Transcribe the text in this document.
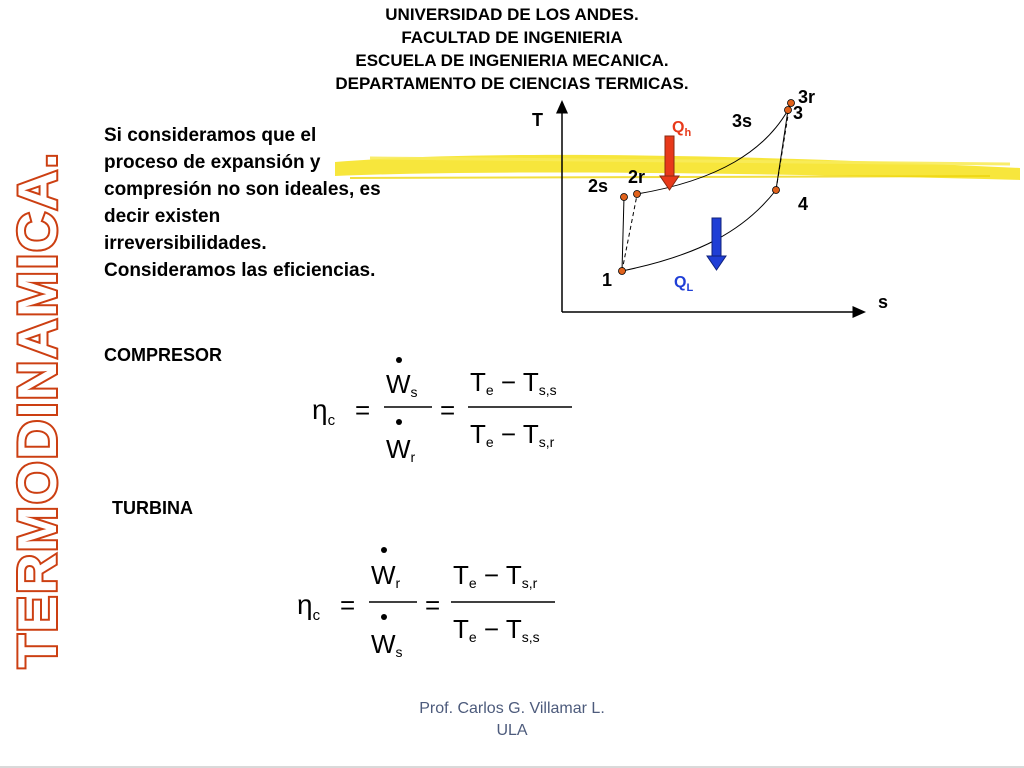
UNIVERSIDAD DE LOS ANDES.
FACULTAD DE INGENIERIA
ESCUELA DE INGENIERIA MECANICA.
DEPARTAMENTO DE CIENCIAS TERMICAS.
TERMODINAMICA.
Si consideramos que el
proceso de expansión y
compresión no son ideales, es
decir existen
irreversibilidades.
Consideramos las eficiencias.
T
s
1
2s 2r
3s 3
3r
4
$Q_h$
$Q_L$
COMPRESOR
$\eta_c$ =
Ws
Wr
=
Te − Ts,s
Te − Ts,r
TURBINA
$\eta_c$ =
Wr
Ws
=
Te − Ts,r
Te − Ts,s
Prof. Carlos G. Villamar L.
ULA
